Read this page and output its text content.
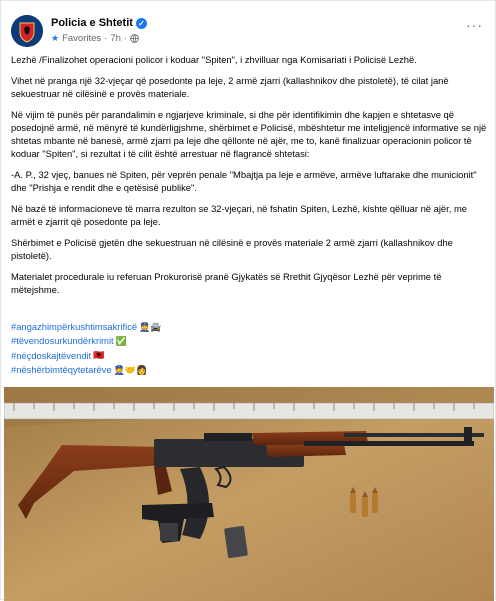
Policia e Shtetit ✓
★ Favorites · 7h ·
···

Lezhë /Finalizohet operacioni policor i koduar "Spiten", i zhvilluar nga Komisariati i Policisë Lezhë.

Vihet në pranga një 32-vjeçar që posedonte pa leje, 2 armë zjarri (kallashnikov dhe pistoletë), të cilat janë sekuestruar në cilësinë e provës materiale.

Në vijim të punës për parandalimin e ngjarjeve kriminale, si dhe për identifikimin dhe kapjen e shtetasve që posedojnë armë, në mënyrë të kundërligjshme, shërbimet e Policisë, mbështetur me inteligjencë informative se një shtetas mbante në banesë, armë zjarri pa leje dhe qëllonte në ajër, me to, kanë finalizuar operacionin policor të koduar "Spiten", si rezultat i të cilit është arrestuar në flagrancë shtetasi:

-A. P., 32 vjeç, banues në Spiten, për veprën penale "Mbajtja pa leje e armëve, armëve luftarake dhe municionit" dhe "Prishja e rendit dhe e qetësisë publike".

Në bazë të informacioneve të marra rezulton se 32-vjeçari, në fshatin Spiten, Lezhë, kishte qëlluar në ajër, me armët e zjarrit që posedonte pa leje.

Shërbimet e Policisë gjetën dhe sekuestruan në cilësinë e provës materiale 2 armë zjarri (kallashnikov dhe pistoletë).

Materialet procedurale iu referuan Prokurorisë pranë Gjykatës së Rrethit Gjyqësor Lezhë për veprime të mëtejshme.

#angazhimpërkushtimsakrificë 👮🚔
#tëvendosurkundërkrimit ✅
#nëçdoskajtëvendit 🇦🇱
#nëshërbimtëqytetarëve 👮🤝👩
